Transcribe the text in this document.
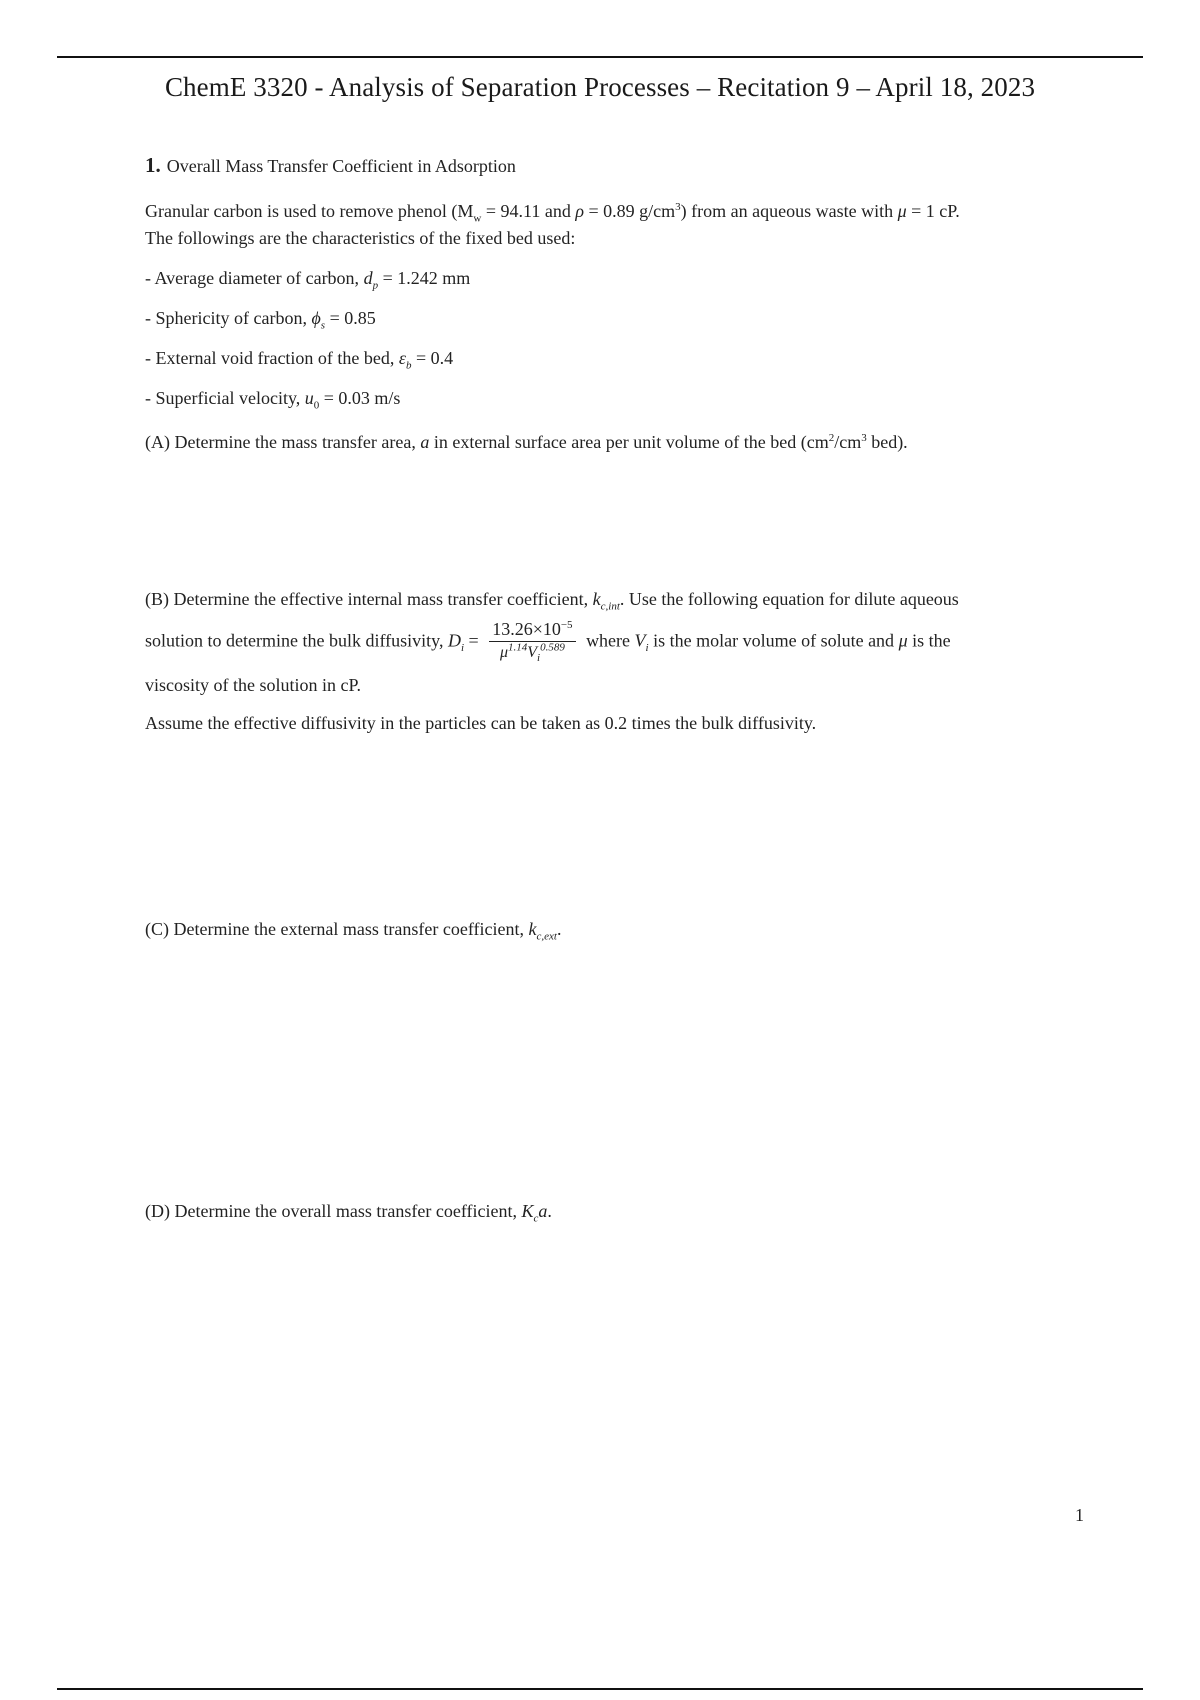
ChemE 3320 - Analysis of Separation Processes – Recitation 9 – April 18, 2023
1. Overall Mass Transfer Coefficient in Adsorption

Granular carbon is used to remove phenol ($M_w = 94.11$ and ρ = 0.89 $g/cm^3$) from an aqueous waste with μ = 1 cP.

The followings are the characteristics of the fixed bed used:

- Average diameter of carbon, $d_p = 1.242$ mm
- Sphericity of carbon, $\phi_s = 0.85$
- External void fraction of the bed, $\varepsilon_b = 0.4$
- Superficial velocity, $u_0 = 0.03$ m/s
(A) Determine the mass transfer area, a in external surface area per unit volume of the bed ($cm^2/cm^3$ bed).
(B) Determine the effective internal mass transfer coefficient, $k_{c,int}$. Use the following equation for dilute aqueous
solution to determine the bulk diffusivity, $D_i = \frac{13.26\times 10^{-5}}{\mu^{1.14}V_i^{0.589}}$ where $V_i$ is the molar volume of solute and μ is the
viscosity of the solution in cP.
Assume the effective diffusivity in the particles can be taken as 0.2 times the bulk diffusivity.
(C) Determine the external mass transfer coefficient, $k_{c,ext}$.
(D) Determine the overall mass transfer coefficient, $K_ca$.
1
